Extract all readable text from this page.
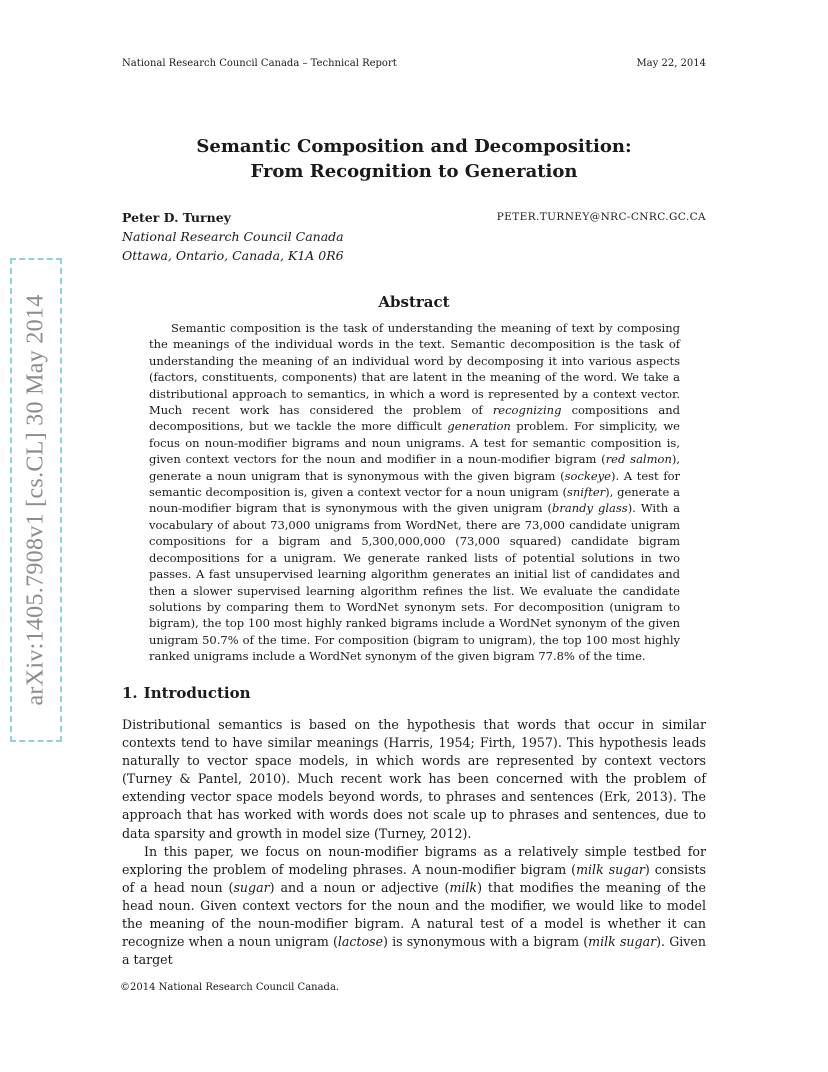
National Research Council Canada – Technical Report	May 22, 2014
Semantic Composition and Decomposition:
From Recognition to Generation
Peter D. Turney	PETER.TURNEY@NRC-CNRC.GC.CA
National Research Council Canada
Ottawa, Ontario, Canada, K1A 0R6
arXiv:1405.7908v1 [cs.CL] 30 May 2014	Abstract
Semantic composition is the task of understanding the meaning of text by composing the meanings of the individual words in the text. Semantic decomposition is the task of understanding the meaning of an individual word by decomposing it into various aspects (factors, constituents, components) that are latent in the meaning of the word. We take a distributional approach to semantics, in which a word is represented by a context vector. Much recent work has considered the problem of recognizing compositions and decompositions, but we tackle the more difficult generation problem. For simplicity, we focus on noun-modifier bigrams and noun unigrams. A test for semantic composition is, given context vectors for the noun and modifier in a noun-modifier bigram (red salmon), generate a noun unigram that is synonymous with the given bigram (sockeye). A test for semantic decomposition is, given a context vector for a noun unigram (snifter), generate a noun-modifier bigram that is synonymous with the given unigram (brandy glass). With a vocabulary of about 73,000 unigrams from WordNet, there are 73,000 candidate unigram compositions for a bigram and 5,300,000,000 (73,000 squared) candidate bigram decompositions for a unigram. We generate ranked lists of potential solutions in two passes. A fast unsupervised learning algorithm generates an initial list of candidates and then a slower supervised learning algorithm refines the list. We evaluate the candidate solutions by comparing them to WordNet synonym sets. For decomposition (unigram to bigram), the top 100 most highly ranked bigrams include a WordNet synonym of the given unigram 50.7% of the time. For composition (bigram to unigram), the top 100 most highly ranked unigrams include a WordNet synonym of the given bigram 77.8% of the time.
1. Introduction

Distributional semantics is based on the hypothesis that words that occur in similar contexts tend to have similar meanings (Harris, 1954; Firth, 1957). This hypothesis leads naturally to vector space models, in which words are represented by context vectors (Turney & Pantel, 2010). Much recent work has been concerned with the problem of extending vector space models beyond words, to phrases and sentences (Erk, 2013). The approach that has worked with words does not scale up to phrases and sentences, due to data sparsity and growth in model size (Turney, 2012).

In this paper, we focus on noun-modifier bigrams as a relatively simple testbed for exploring the problem of modeling phrases. A noun-modifier bigram (milk sugar) consists of a head noun (sugar) and a noun or adjective (milk) that modifies the meaning of the head noun. Given context vectors for the noun and the modifier, we would like to model the meaning of the noun-modifier bigram. A natural test of a model is whether it can recognize when a noun unigram (lactose) is synonymous with a bigram (milk sugar). Given a target

©2014 National Research Council Canada.
